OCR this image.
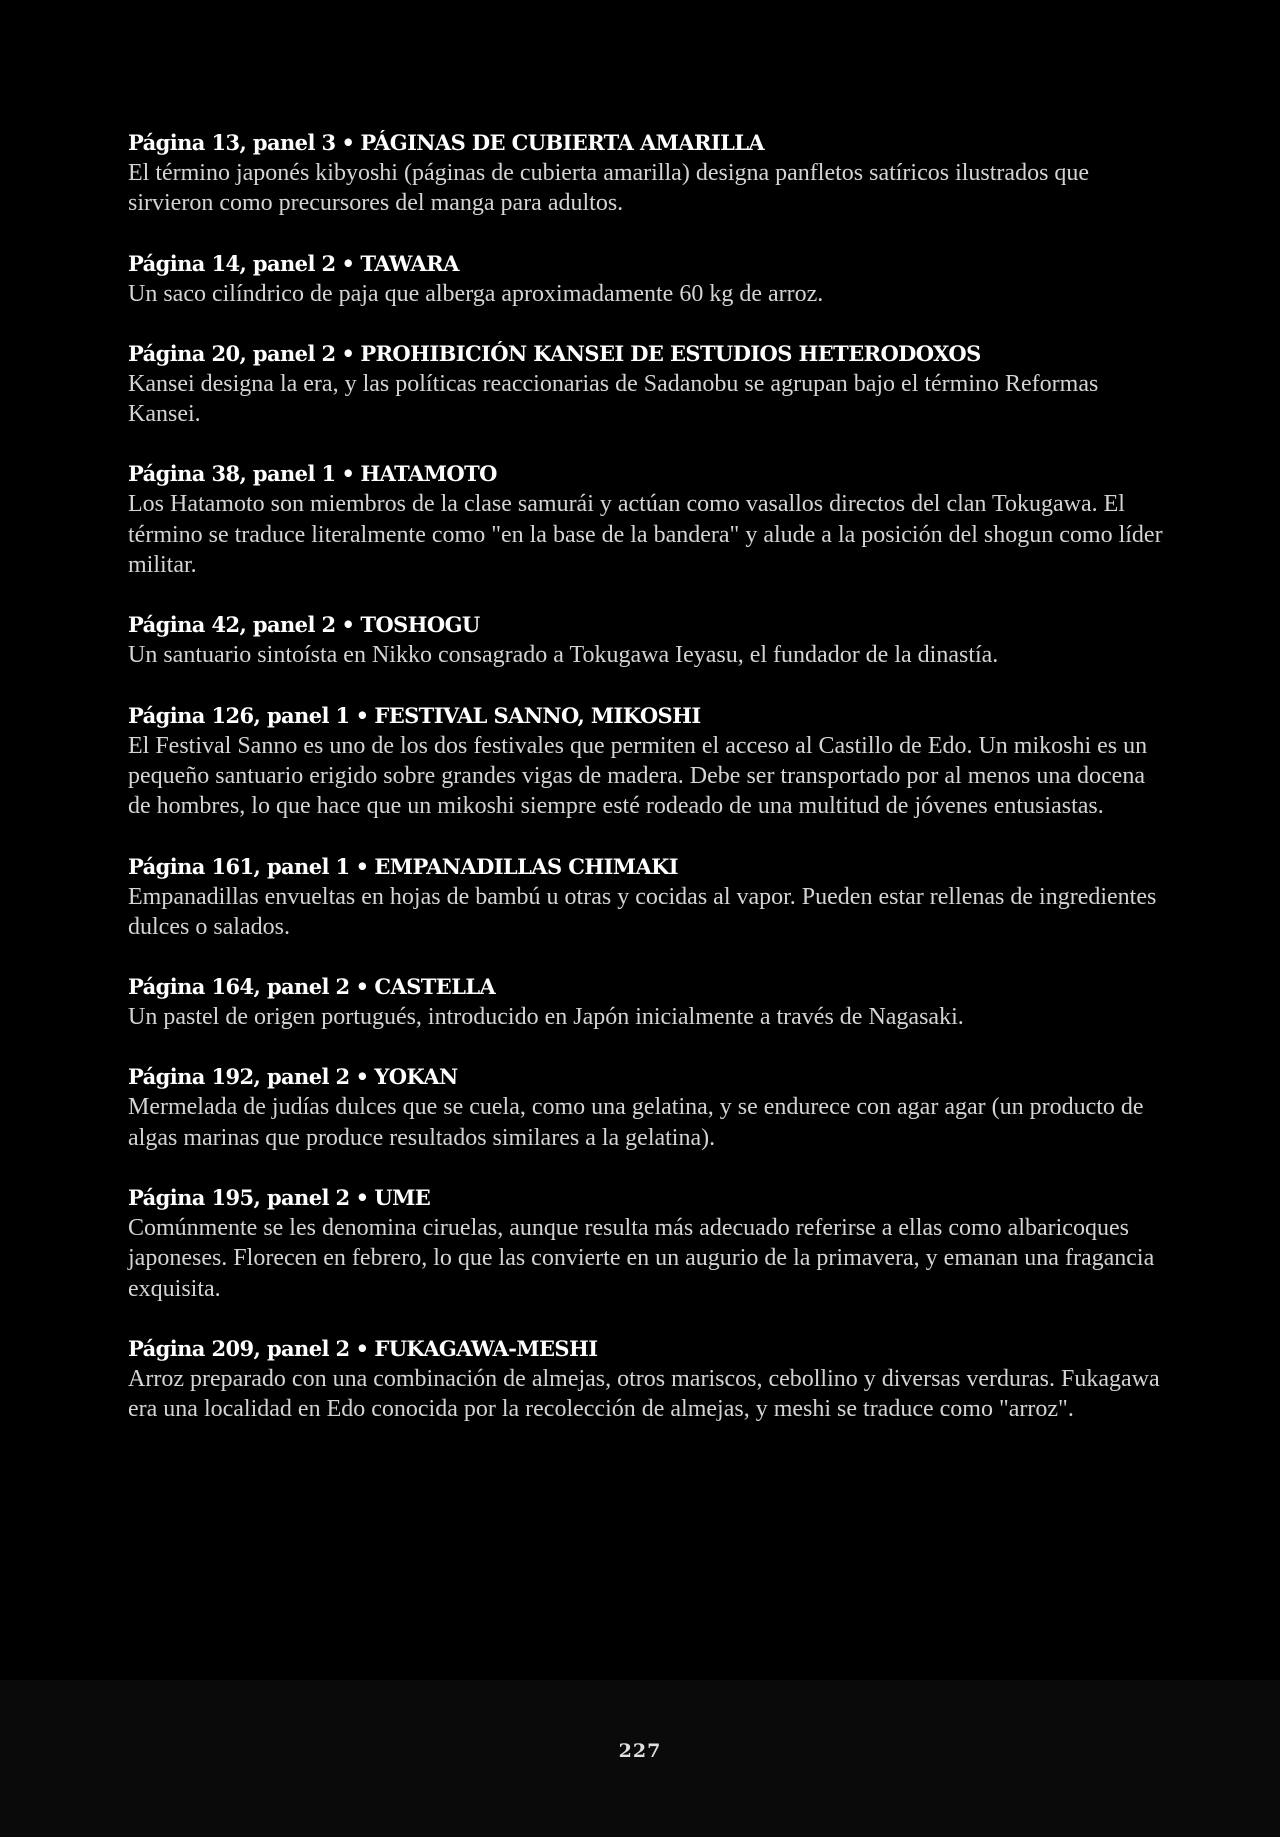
Página 13, panel 3 • PÁGINAS DE CUBIERTA AMARILLA
El término japonés kibyoshi (páginas de cubierta amarilla) designa panfletos satíricos ilustrados que sirvieron como precursores del manga para adultos.
Página 14, panel 2 • TAWARA
Un saco cilíndrico de paja que alberga aproximadamente 60 kg de arroz.
Página 20, panel 2 • PROHIBICIÓN KANSEI DE ESTUDIOS HETERODOXOS
Kansei designa la era, y las políticas reaccionarias de Sadanobu se agrupan bajo el término Reformas Kansei.
Página 38, panel 1 • HATAMOTO
Los Hatamoto son miembros de la clase samurái y actúan como vasallos directos del clan Tokugawa. El término se traduce literalmente como "en la base de la bandera" y alude a la posición del shogun como líder militar.
Página 42, panel 2 • TOSHOGU
Un santuario sintoísta en Nikko consagrado a Tokugawa Ieyasu, el fundador de la dinastía.
Página 126, panel 1 • FESTIVAL SANNO, MIKOSHI
El Festival Sanno es uno de los dos festivales que permiten el acceso al Castillo de Edo. Un mikoshi es un pequeño santuario erigido sobre grandes vigas de madera. Debe ser transportado por al menos una docena de hombres, lo que hace que un mikoshi siempre esté rodeado de una multitud de jóvenes entusiastas.
Página 161, panel 1 • EMPANADILLAS CHIMAKI
Empanadillas envueltas en hojas de bambú u otras y cocidas al vapor. Pueden estar rellenas de ingredientes dulces o salados.
Página 164, panel 2 • CASTELLA
Un pastel de origen portugués, introducido en Japón inicialmente a través de Nagasaki.
Página 192, panel 2 • YOKAN
Mermelada de judías dulces que se cuela, como una gelatina, y se endurece con agar agar (un producto de algas marinas que produce resultados similares a la gelatina).
Página 195, panel 2 • UME
Comúnmente se les denomina ciruelas, aunque resulta más adecuado referirse a ellas como albaricoques japoneses. Florecen en febrero, lo que las convierte en un augurio de la primavera, y emanan una fragancia exquisita.
Página 209, panel 2 • FUKAGAWA-MESHI
Arroz preparado con una combinación de almejas, otros mariscos, cebollino y diversas verduras. Fukagawa era una localidad en Edo conocida por la recolección de almejas, y meshi se traduce como "arroz".
227
